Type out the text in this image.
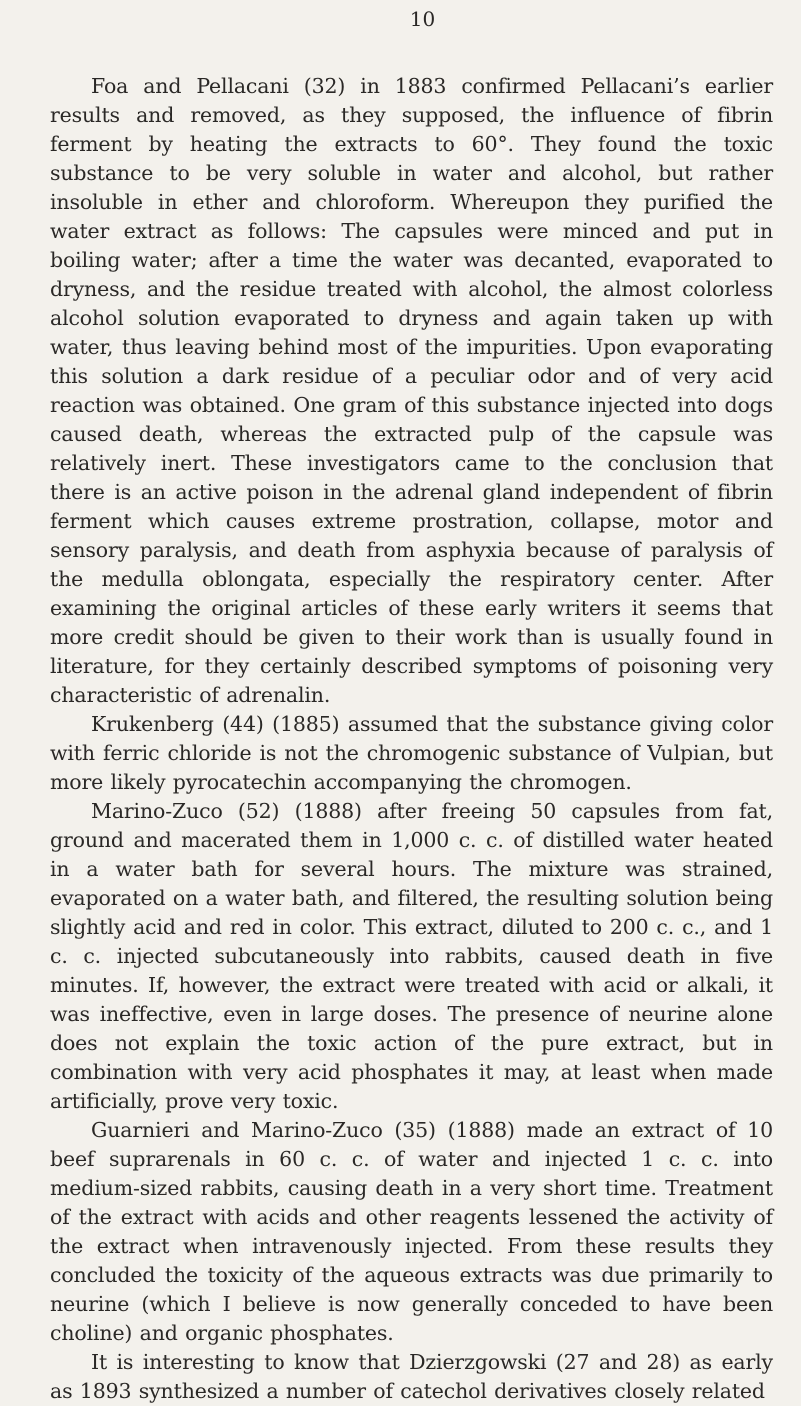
10

Foa and Pellacani (32) in 1883 confirmed Pellacani’s earlier results and removed, as they supposed, the influence of fibrin ferment by heating the extracts to 60°. They found the toxic substance to be very soluble in water and alcohol, but rather insoluble in ether and chloroform. Whereupon they purified the water extract as follows: The capsules were minced and put in boiling water; after a time the water was decanted, evaporated to dryness, and the residue treated with alcohol, the almost colorless alcohol solution evaporated to dryness and again taken up with water, thus leaving behind most of the impurities. Upon evaporating this solution a dark residue of a peculiar odor and of very acid reaction was obtained. One gram of this substance injected into dogs caused death, whereas the extracted pulp of the capsule was relatively inert. These investigators came to the conclusion that there is an active poison in the adrenal gland independent of fibrin ferment which causes extreme prostration, collapse, motor and sensory paralysis, and death from asphyxia because of paralysis of the medulla oblongata, especially the respiratory center. After examining the original articles of these early writers it seems that more credit should be given to their work than is usually found in literature, for they certainly described symptoms of poisoning very characteristic of adrenalin.

Krukenberg (44) (1885) assumed that the substance giving color with ferric chloride is not the chromogenic substance of Vulpian, but more likely pyrocatechin accompanying the chromogen.

Marino-Zuco (52) (1888) after freeing 50 capsules from fat, ground and macerated them in 1,000 c. c. of distilled water heated in a water bath for several hours. The mixture was strained, evaporated on a water bath, and filtered, the resulting solution being slightly acid and red in color. This extract, diluted to 200 c. c., and 1 c. c. injected subcutaneously into rabbits, caused death in five minutes. If, however, the extract were treated with acid or alkali, it was ineffective, even in large doses. The presence of neurine alone does not explain the toxic action of the pure extract, but in combination with very acid phosphates it may, at least when made artificially, prove very toxic.

Guarnieri and Marino-Zuco (35) (1888) made an extract of 10 beef suprarenals in 60 c. c. of water and injected 1 c. c. into medium-sized rabbits, causing death in a very short time. Treatment of the extract with acids and other reagents lessened the activity of the extract when intravenously injected. From these results they concluded the toxicity of the aqueous extracts was due primarily to neurine (which I believe is now generally conceded to have been choline) and organic phosphates.

It is interesting to know that Dzierzgowski (27 and 28) as early as 1893 synthesized a number of catechol derivatives closely related
